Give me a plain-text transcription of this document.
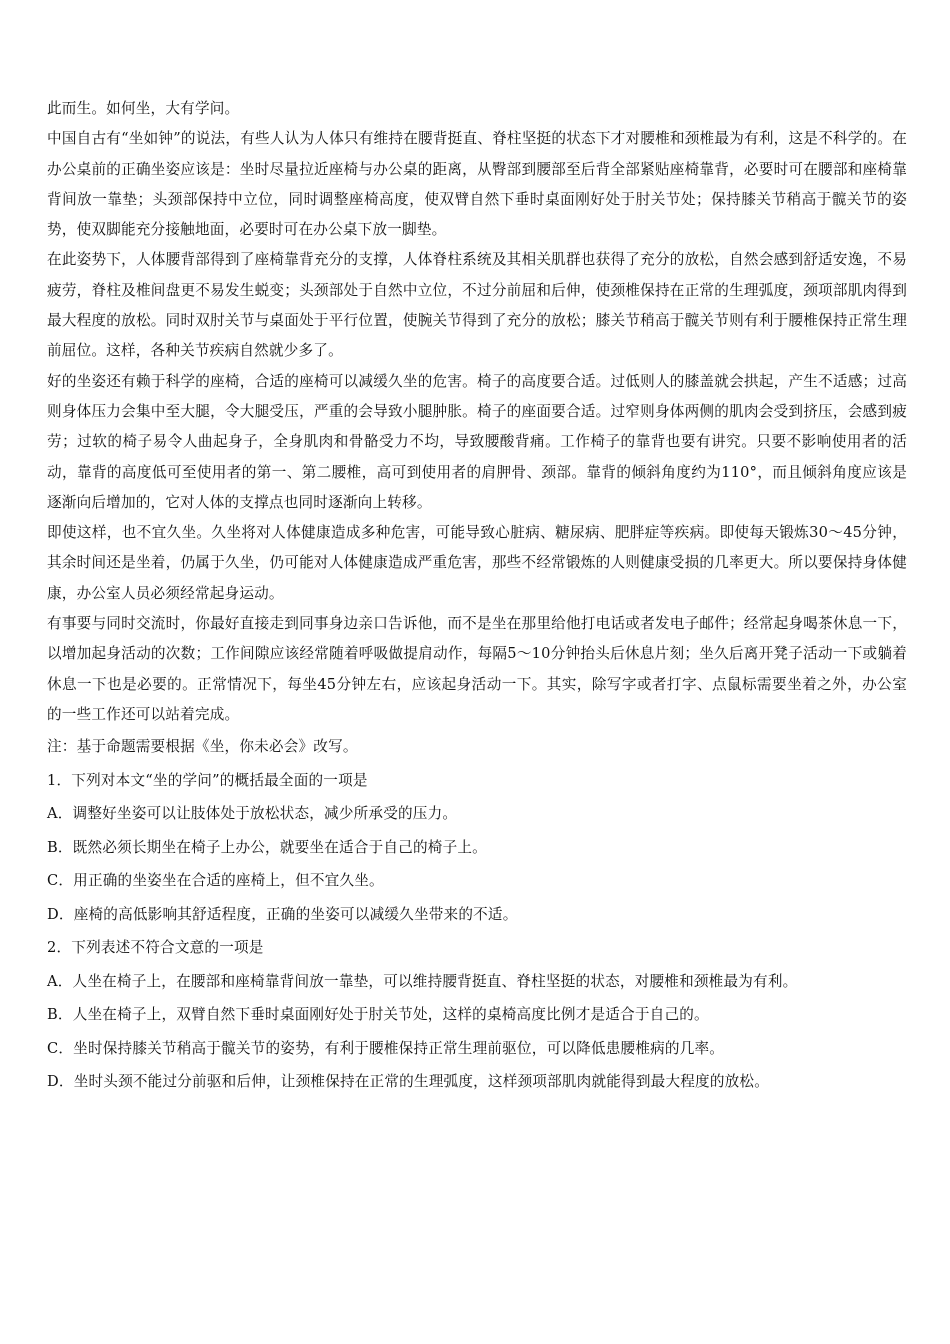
此而生。如何坐，大有学问。

中国自古有“坐如钟”的说法，有些人认为人体只有维持在腰背挺直、脊柱坚挺的状态下才对腰椎和颈椎最为有利，这是不科学的。在办公桌前的正确坐姿应该是：坐时尽量拉近座椅与办公桌的距离，从臀部到腰部至后背全部紧贴座椅靠背，必要时可在腰部和座椅靠背间放一靠垫；头颈部保持中立位，同时调整座椅高度，使双臂自然下垂时桌面刚好处于肘关节处；保持膝关节稍高于髋关节的姿势，使双脚能充分接触地面，必要时可在办公桌下放一脚垫。

在此姿势下，人体腰背部得到了座椅靠背充分的支撑，人体脊柱系统及其相关肌群也获得了充分的放松，自然会感到舒适安逸，不易疲劳，脊柱及椎间盘更不易发生蜕变；头颈部处于自然中立位，不过分前屈和后伸，使颈椎保持在正常的生理弧度，颈项部肌肉得到最大程度的放松。同时双肘关节与桌面处于平行位置，使腕关节得到了充分的放松；膝关节稍高于髋关节则有利于腰椎保持正常生理前屈位。这样，各种关节疾病自然就少多了。

好的坐姿还有赖于科学的座椅，合适的座椅可以减缓久坐的危害。椅子的高度要合适。过低则人的膝盖就会拱起，产生不适感；过高则身体压力会集中至大腿，令大腿受压，严重的会导致小腿肿胀。椅子的座面要合适。过窄则身体两侧的肌肉会受到挤压，会感到疲劳；过软的椅子易令人曲起身子，全身肌肉和骨骼受力不均，导致腰酸背痛。工作椅子的靠背也要有讲究。只要不影响使用者的活动，靠背的高度低可至使用者的第一、第二腰椎，高可到使用者的肩胛骨、颈部。靠背的倾斜角度约为110°，而且倾斜角度应该是逐渐向后增加的，它对人体的支撑点也同时逐渐向上转移。

即使这样，也不宜久坐。久坐将对人体健康造成多种危害，可能导致心脏病、糖尿病、肥胖症等疾病。即使每天锻炼30～45分钟，其余时间还是坐着，仍属于久坐，仍可能对人体健康造成严重危害，那些不经常锻炼的人则健康受损的几率更大。所以要保持身体健康，办公室人员必须经常起身运动。

有事要与同时交流时，你最好直接走到同事身边亲口告诉他，而不是坐在那里给他打电话或者发电子邮件；经常起身喝茶休息一下，以增加起身活动的次数；工作间隙应该经常随着呼吸做提肩动作，每隔5～10分钟抬头后休息片刻；坐久后离开凳子活动一下或躺着休息一下也是必要的。正常情况下，每坐45分钟左右，应该起身活动一下。其实，除写字或者打字、点鼠标需要坐着之外，办公室的一些工作还可以站着完成。

注：基于命题需要根据《坐，你未必会》改写。

1．下列对本文“坐的学问”的概括最全面的一项是

A．调整好坐姿可以让肢体处于放松状态，减少所承受的压力。

B．既然必须长期坐在椅子上办公，就要坐在适合于自己的椅子上。

C．用正确的坐姿坐在合适的座椅上，但不宜久坐。

D．座椅的高低影响其舒适程度，正确的坐姿可以减缓久坐带来的不适。

2．下列表述不符合文意的一项是

A．人坐在椅子上，在腰部和座椅靠背间放一靠垫，可以维持腰背挺直、脊柱坚挺的状态，对腰椎和颈椎最为有利。

B．人坐在椅子上，双臂自然下垂时桌面刚好处于肘关节处，这样的桌椅高度比例才是适合于自己的。

C．坐时保持膝关节稍高于髋关节的姿势，有利于腰椎保持正常生理前驱位，可以降低患腰椎病的几率。

D．坐时头颈不能过分前驱和后伸，让颈椎保持在正常的生理弧度，这样颈项部肌肉就能得到最大程度的放松。
